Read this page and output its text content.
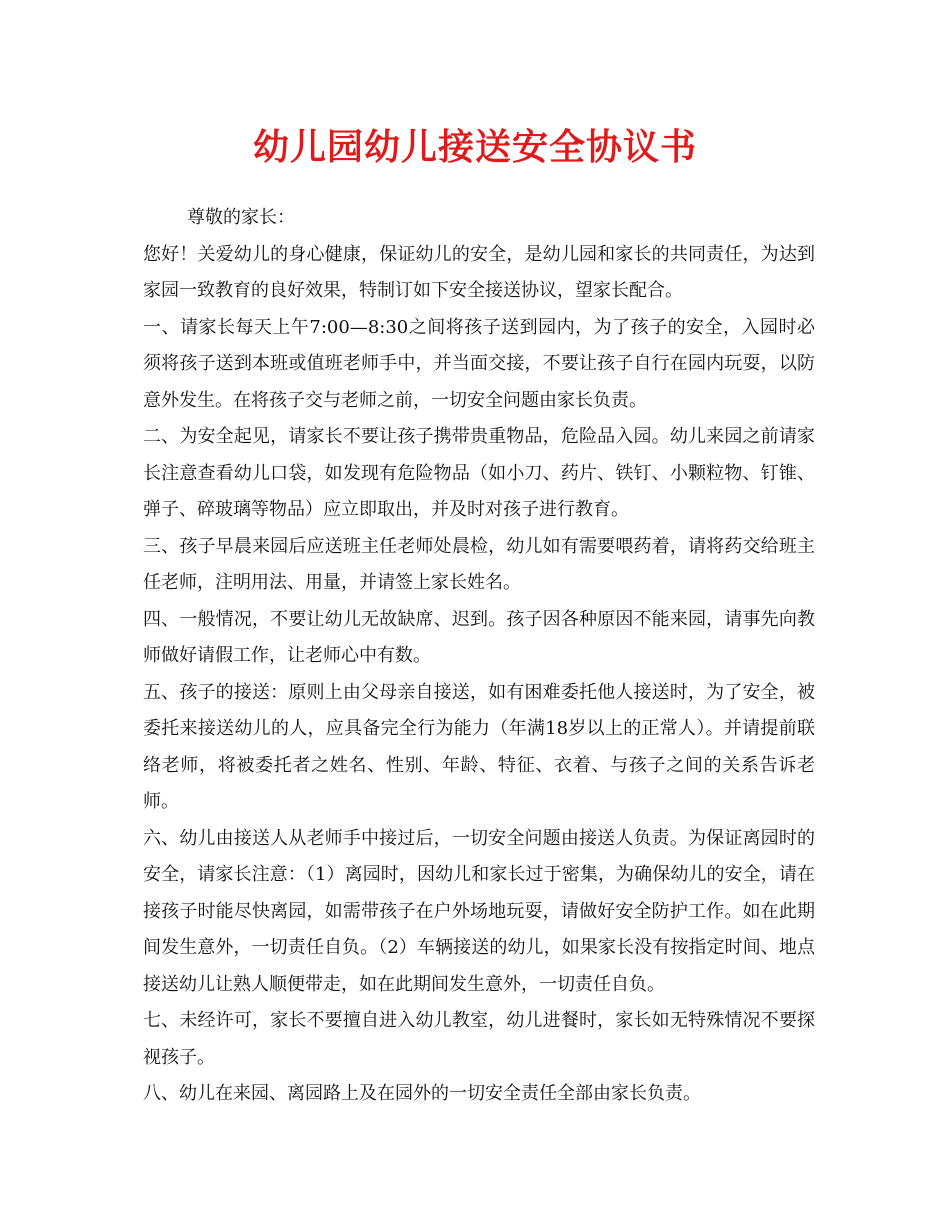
幼儿园幼儿接送安全协议书

尊敬的家长：

您好！关爱幼儿的身心健康，保证幼儿的安全，是幼儿园和家长的共同责任，为达到家园一致教育的良好效果，特制订如下安全接送协议，望家长配合。

一、请家长每天上午7:00—8:30之间将孩子送到园内，为了孩子的安全，入园时必须将孩子送到本班或值班老师手中，并当面交接，不要让孩子自行在园内玩耍，以防意外发生。在将孩子交与老师之前，一切安全问题由家长负责。

二、为安全起见，请家长不要让孩子携带贵重物品，危险品入园。幼儿来园之前请家长注意查看幼儿口袋，如发现有危险物品（如小刀、药片、铁钉、小颗粒物、钉锥、弹子、碎玻璃等物品）应立即取出，并及时对孩子进行教育。

三、孩子早晨来园后应送班主任老师处晨检，幼儿如有需要喂药着，请将药交给班主任老师，注明用法、用量，并请签上家长姓名。

四、一般情况，不要让幼儿无故缺席、迟到。孩子因各种原因不能来园，请事先向教师做好请假工作，让老师心中有数。

五、孩子的接送：原则上由父母亲自接送，如有困难委托他人接送时，为了安全，被委托来接送幼儿的人，应具备完全行为能力（年满18岁以上的正常人）。并请提前联络老师，将被委托者之姓名、性别、年龄、特征、衣着、与孩子之间的关系告诉老师。

六、幼儿由接送人从老师手中接过后，一切安全问题由接送人负责。为保证离园时的安全，请家长注意：（1）离园时，因幼儿和家长过于密集，为确保幼儿的安全，请在接孩子时能尽快离园，如需带孩子在户外场地玩耍，请做好安全防护工作。如在此期间发生意外，一切责任自负。（2）车辆接送的幼儿，如果家长没有按指定时间、地点接送幼儿让熟人顺便带走，如在此期间发生意外，一切责任自负。

七、未经许可，家长不要擅自进入幼儿教室，幼儿进餐时，家长如无特殊情况不要探视孩子。

八、幼儿在来园、离园路上及在园外的一切安全责任全部由家长负责。
